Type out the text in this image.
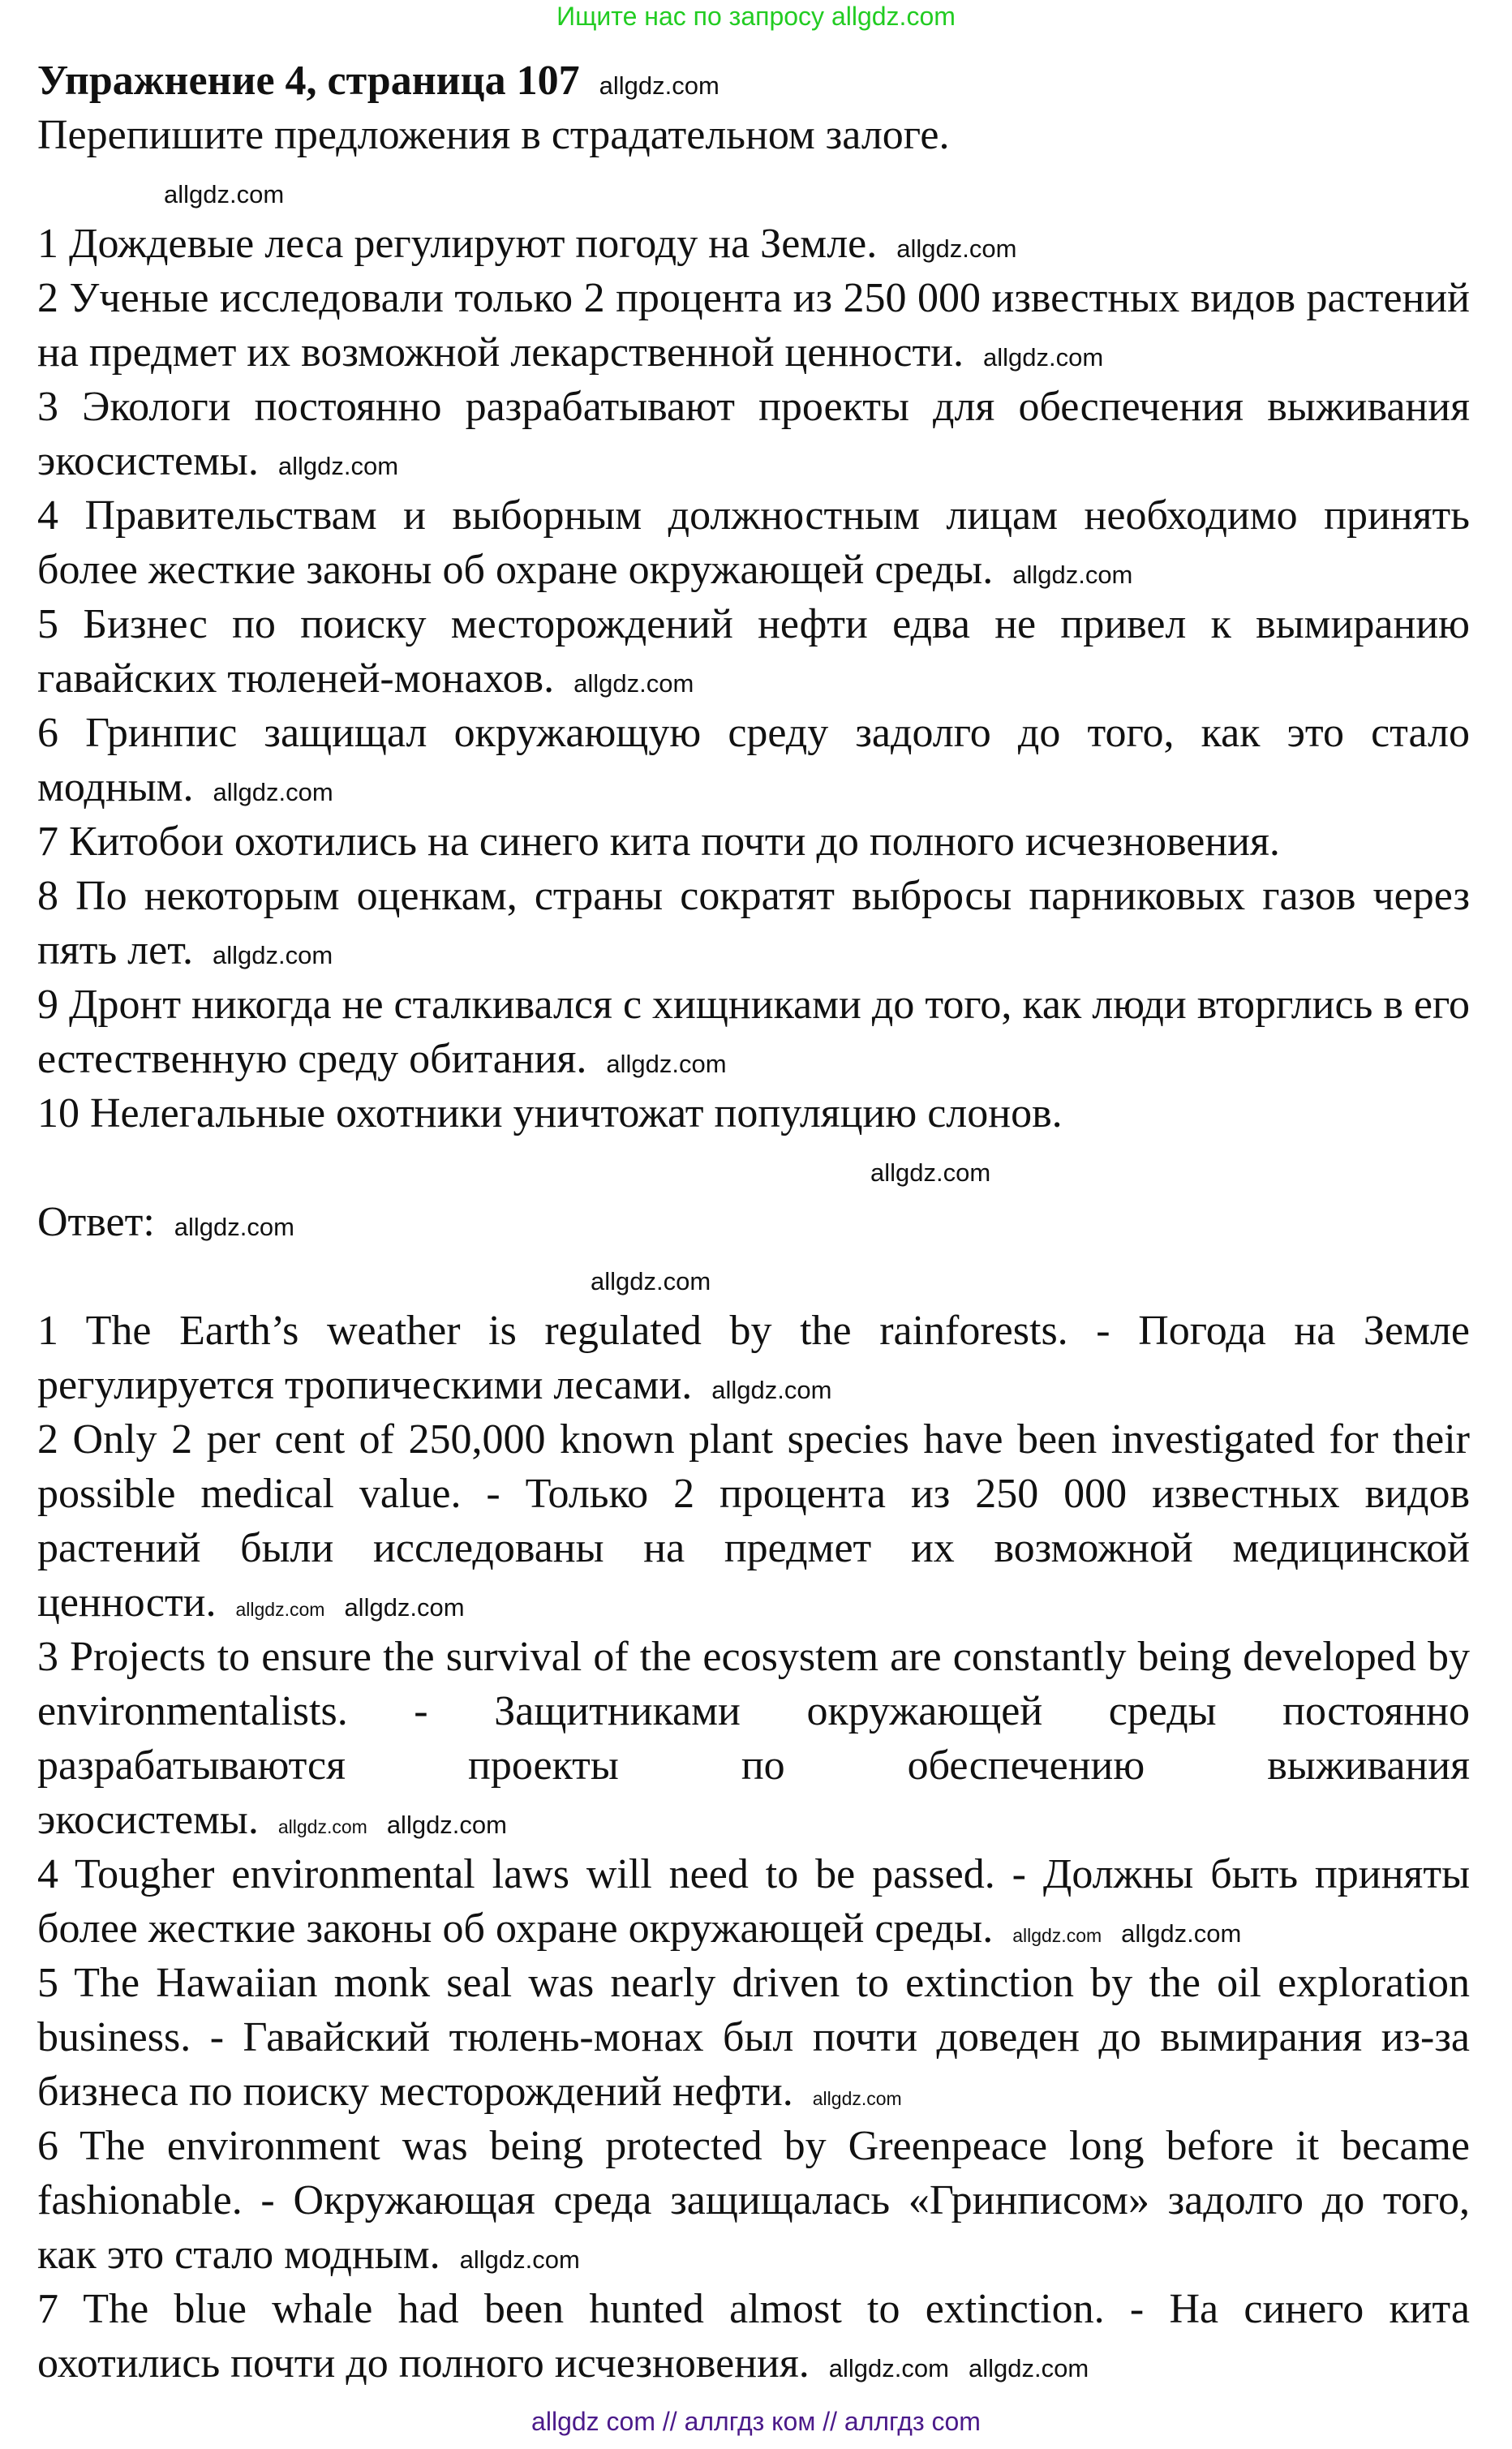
Ищите нас по запросу allgdz.com

Упражнение 4, страница 107 allgdz.com

Перепишите предложения в страдательном залоге.

allgdz.com

1 Дождевые леса регулируют погоду на Земле. allgdz.com

2 Ученые исследовали только 2 процента из 250 000 известных видов растений на предмет их возможной лекарственной ценности. allgdz.com

3 Экологи постоянно разрабатывают проекты для обеспечения выживания экосистемы. allgdz.com

4 Правительствам и выборным должностным лицам необходимо принять более жесткие законы об охране окружающей среды. allgdz.com

5 Бизнес по поиску месторождений нефти едва не привел к вымиранию гавайских тюленей-монахов. allgdz.com

6 Гринпис защищал окружающую среду задолго до того, как это стало модным. allgdz.com

7 Китобои охотились на синего кита почти до полного исчезновения.

8 По некоторым оценкам, страны сократят выбросы парниковых газов через пять лет. allgdz.com

9 Дронт никогда не сталкивался с хищниками до того, как люди вторглись в его естественную среду обитания. allgdz.com

10 Нелегальные охотники уничтожат популяцию слонов.

allgdz.com

Ответ: allgdz.com

allgdz.com

1 The Earth’s weather is regulated by the rainforests. - Погода на Земле регулируется тропическими лесами. allgdz.com

2 Only 2 per cent of 250,000 known plant species have been investigated for their possible medical value. - Только 2 процента из 250 000 известных видов растений были исследованы на предмет их возможной медицинской ценности. allgdz.com allgdz.com

3 Projects to ensure the survival of the ecosystem are constantly being developed by environmentalists. - Защитниками окружающей среды постоянно разрабатываются проекты по обеспечению выживания экосистемы. allgdz.com allgdz.com

4 Tougher environmental laws will need to be passed. - Должны быть приняты более жесткие законы об охране окружающей среды. allgdz.com allgdz.com

5 The Hawaiian monk seal was nearly driven to extinction by the oil exploration business. - Гавайский тюлень-монах был почти доведен до вымирания из-за бизнеса по поиску месторождений нефти. allgdz.com

6 The environment was being protected by Greenpeace long before it became fashionable. - Окружающая среда защищалась «Гринписом» задолго до того, как это стало модным. allgdz.com

7 The blue whale had been hunted almost to extinction. - На синего кита охотились почти до полного исчезновения. allgdz.com allgdz.com

allgdz com // аллгдз ком // аллгдз com
